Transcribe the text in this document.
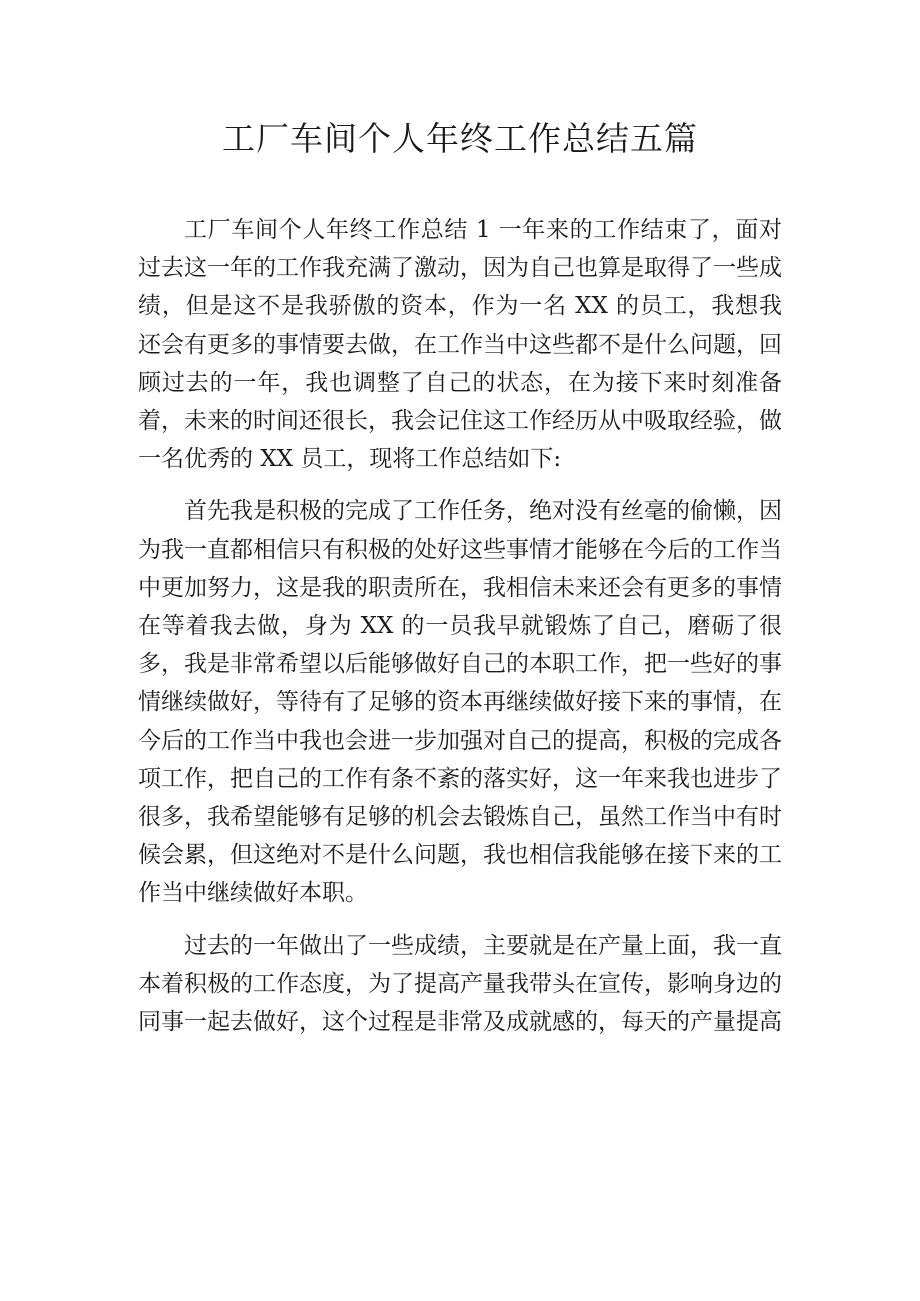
工厂车间个人年终工作总结五篇

工厂车间个人年终工作总结 1 一年来的工作结束了，面对过去这一年的工作我充满了激动，因为自己也算是取得了一些成绩，但是这不是我骄傲的资本，作为一名 XX 的员工，我想我还会有更多的事情要去做，在工作当中这些都不是什么问题，回顾过去的一年，我也调整了自己的状态，在为接下来时刻准备着，未来的时间还很长，我会记住这工作经历从中吸取经验，做一名优秀的 XX 员工，现将工作总结如下:

首先我是积极的完成了工作任务，绝对没有丝毫的偷懒，因为我一直都相信只有积极的处好这些事情才能够在今后的工作当中更加努力，这是我的职责所在，我相信未来还会有更多的事情在等着我去做，身为 XX 的一员我早就锻炼了自己，磨砺了很多，我是非常希望以后能够做好自己的本职工作，把一些好的事情继续做好，等待有了足够的资本再继续做好接下来的事情，在今后的工作当中我也会进一步加强对自己的提高，积极的完成各项工作，把自己的工作有条不紊的落实好，这一年来我也进步了很多，我希望能够有足够的机会去锻炼自己，虽然工作当中有时候会累，但这绝对不是什么问题，我也相信我能够在接下来的工作当中继续做好本职。

过去的一年做出了一些成绩，主要就是在产量上面，我一直本着积极的工作态度，为了提高产量我带头在宣传，影响身边的同事一起去做好，这个过程是非常及成就感的，每天的产量提高
